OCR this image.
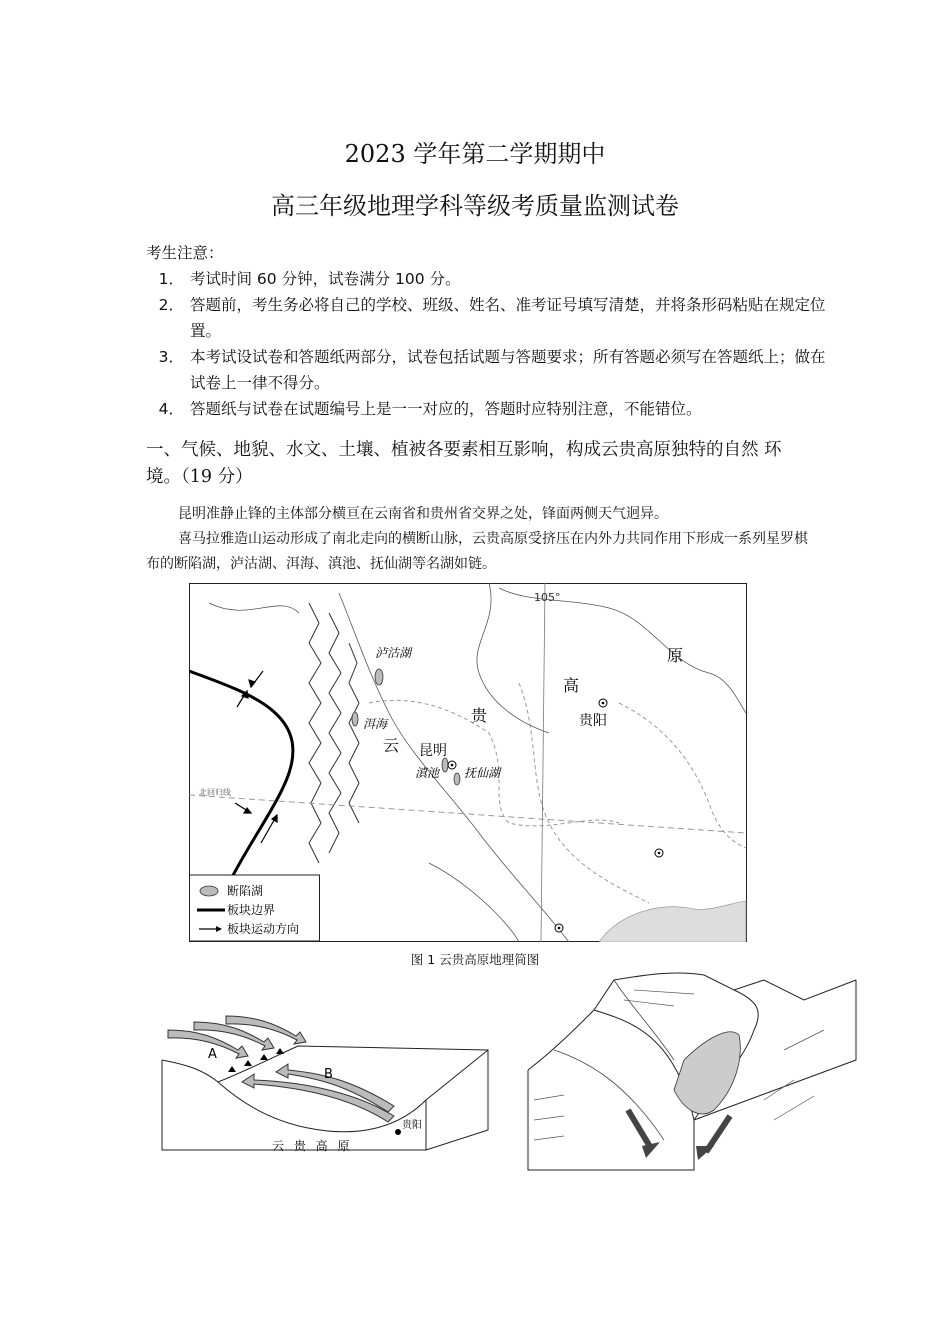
2023 学年第二学期期中
高三年级地理学科等级考质量监测试卷
考生注意：
1． 考试时间 60 分钟，试卷满分 100 分。
2． 答题前，考生务必将自己的学校、班级、姓名、准考证号填写清楚，并将条形码粘贴在规定位置。
3． 本考试设试卷和答题纸两部分，试卷包括试题与答题要求；所有答题必须写在答题纸上；做在试卷上一律不得分。
4． 答题纸与试卷在试题编号上是一一对应的，答题时应特别注意，不能错位。
一、气候、地貌、水文、土壤、植被各要素相互影响，构成云贵高原独特的自然 环境。（19 分）
昆明准静止锋的主体部分横亘在云南省和贵州省交界之处，锋面两侧天气迥异。
喜马拉雅造山运动形成了南北走向的横断山脉，云贵高原受挤压在内外力共同作用下形成一系列星罗棋布的断陷湖，泸沽湖、洱海、滇池、抚仙湖等名湖如链。
北回归线
105°
泸沽湖
洱海
滇池 抚仙湖
昆明
贵阳
云
贵
高
原
断陷湖
板块边界
板块运动方向
图 1 云贵高原地理简图
A
B
贵阳
云 贵 高 原
